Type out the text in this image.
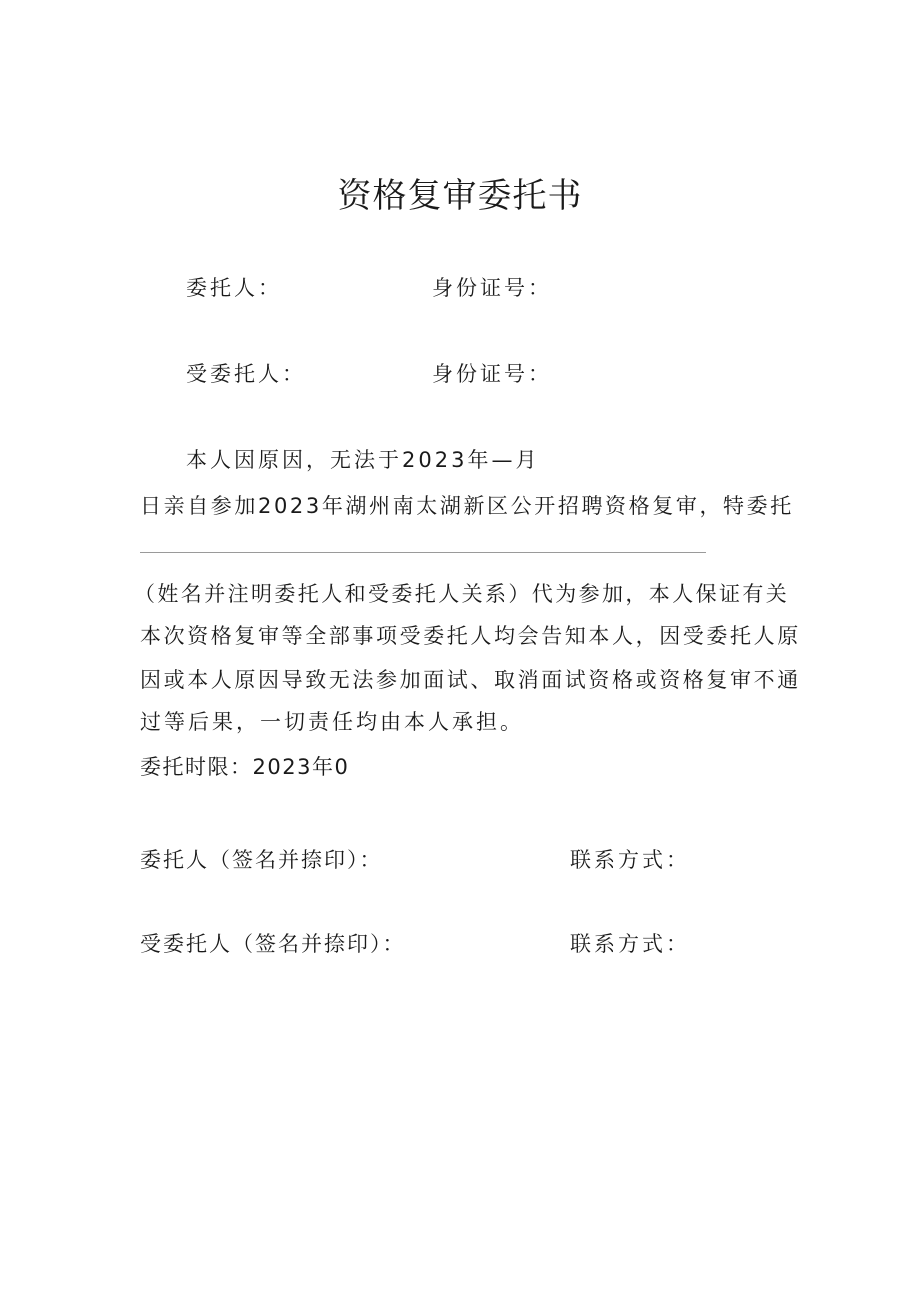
资格复审委托书
委托人：	身份证号：
受委托人：	身份证号：
本人因原因，无法于2023年—月
日亲自参加2023年湖州南太湖新区公开招聘资格复审，特委托
（姓名并注明委托人和受委托人关系）代为参加，本人保证有关
本次资格复审等全部事项受委托人均会告知本人，因受委托人原
因或本人原因导致无法参加面试、取消面试资格或资格复审不通
过等后果，一切责任均由本人承担。
委托时限：2023年0
委托人（签名并捺印）：	联系方式：
受委托人（签名并捺印）：	联系方式：
